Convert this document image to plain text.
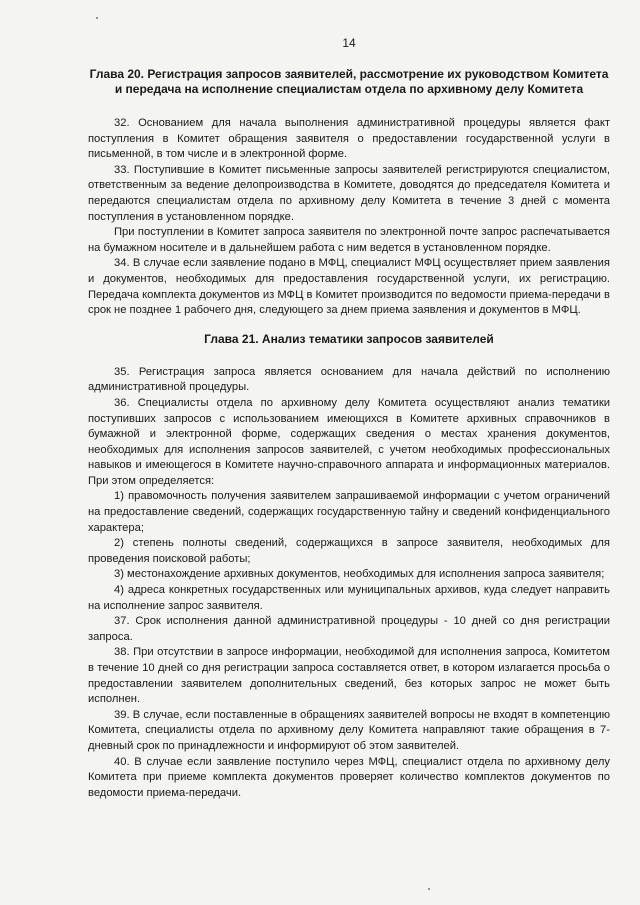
14
Глава 20. Регистрация запросов заявителей, рассмотрение их руководством Комитета и передача на исполнение специалистам отдела по архивному делу Комитета

32. Основанием для начала выполнения административной процедуры является факт поступления в Комитет обращения заявителя о предоставлении государственной услуги в письменной, в том числе и в электронной форме.

33. Поступившие в Комитет письменные запросы заявителей регистрируются специалистом, ответственным за ведение делопроизводства в Комитете, доводятся до председателя Комитета и передаются специалистам отдела по архивному делу Комитета в течение 3 дней с момента поступления в установленном порядке.

При поступлении в Комитет запроса заявителя по электронной почте запрос распечатывается на бумажном носителе и в дальнейшем работа с ним ведется в установленном порядке.

34. В случае если заявление подано в МФЦ, специалист МФЦ осуществляет прием заявления и документов, необходимых для предоставления государственной услуги, их регистрацию. Передача комплекта документов из МФЦ в Комитет производится по ведомости приема-передачи в срок не позднее 1 рабочего дня, следующего за днем приема заявления и документов в МФЦ.

Глава 21. Анализ тематики запросов заявителей

35. Регистрация запроса является основанием для начала действий по исполнению административной процедуры.

36. Специалисты отдела по архивному делу Комитета осуществляют анализ тематики поступивших запросов с использованием имеющихся в Комитете архивных справочников в бумажной и электронной форме, содержащих сведения о местах хранения документов, необходимых для исполнения запросов заявителей, с учетом необходимых профессиональных навыков и имеющегося в Комитете научно-справочного аппарата и информационных материалов. При этом определяется:

1) правомочность получения заявителем запрашиваемой информации с учетом ограничений на предоставление сведений, содержащих государственную тайну и сведений конфиденциального характера;

2) степень полноты сведений, содержащихся в запросе заявителя, необходимых для проведения поисковой работы;

3) местонахождение архивных документов, необходимых для исполнения запроса заявителя;

4) адреса конкретных государственных или муниципальных архивов, куда следует направить на исполнение запрос заявителя.

37. Срок исполнения данной административной процедуры - 10 дней со дня регистрации запроса.

38. При отсутствии в запросе информации, необходимой для исполнения запроса, Комитетом в течение 10 дней со дня регистрации запроса составляется ответ, в котором излагается просьба о предоставлении заявителем дополнительных сведений, без которых запрос не может быть исполнен.

39. В случае, если поставленные в обращениях заявителей вопросы не входят в компетенцию Комитета, специалисты отдела по архивному делу Комитета направляют такие обращения в 7-дневный срок по принадлежности и информируют об этом заявителей.

40. В случае если заявление поступило через МФЦ, специалист отдела по архивному делу Комитета при приеме комплекта документов проверяет количество комплектов документов по ведомости приема-передачи.
